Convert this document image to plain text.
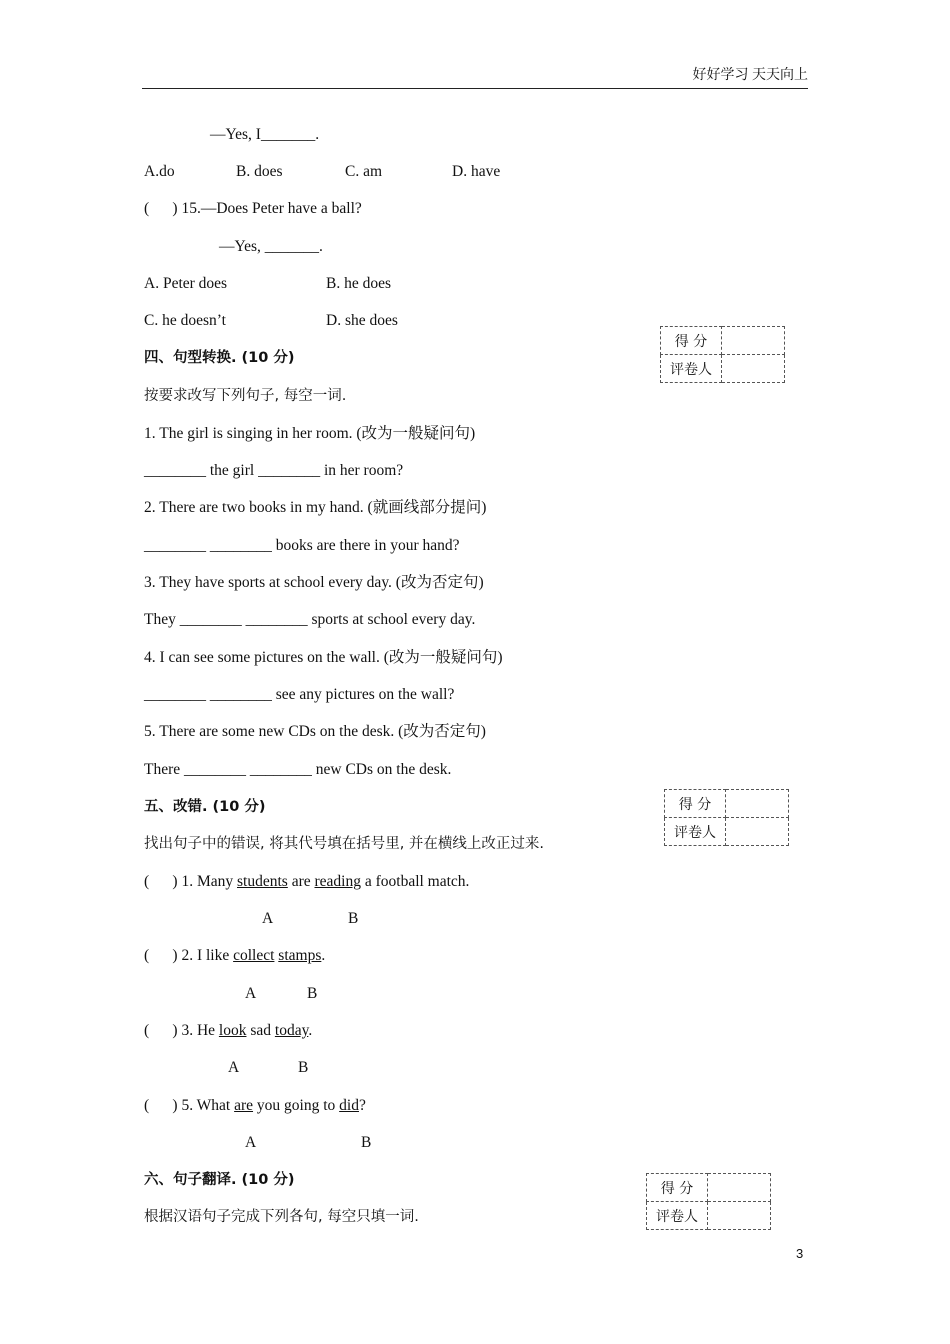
好好学习 天天向上
—Yes, I_______.
A.do	B. does	C. am	D. have
(      ) 15.—Does Peter have a ball?
—Yes, _______.
A. Peter does	B. he does
C. he doesn’t	D. she does
得 分	
评卷人	
四、句型转换. (10 分)
按要求改写下列句子, 每空一词.
1. The girl is singing in her room. (改为一般疑问句)
________ the girl ________ in her room?
2. There are two books in my hand. (就画线部分提问)
________ ________ books are there in your hand?
3. They have sports at school every day. (改为否定句)
They ________ ________ sports at school every day.
4. I can see some pictures on the wall. (改为一般疑问句)
________ ________ see any pictures on the wall?
5. There are some new CDs on the desk. (改为否定句)
There ________ ________ new CDs on the desk.
得 分	
评卷人	
五、改错. (10 分)
找出句子中的错误, 将其代号填在括号里, 并在横线上改正过来.
(      ) 1. Many students are reading a football match.
A	B
(      ) 2. I like collect stamps.
A	B
(      ) 3. He look sad today.
A	B
(      ) 5. What are you going to did?
A	B
六、句子翻译. (10 分)
根据汉语句子完成下列各句, 每空只填一词.
得 分	
评卷人	
3
